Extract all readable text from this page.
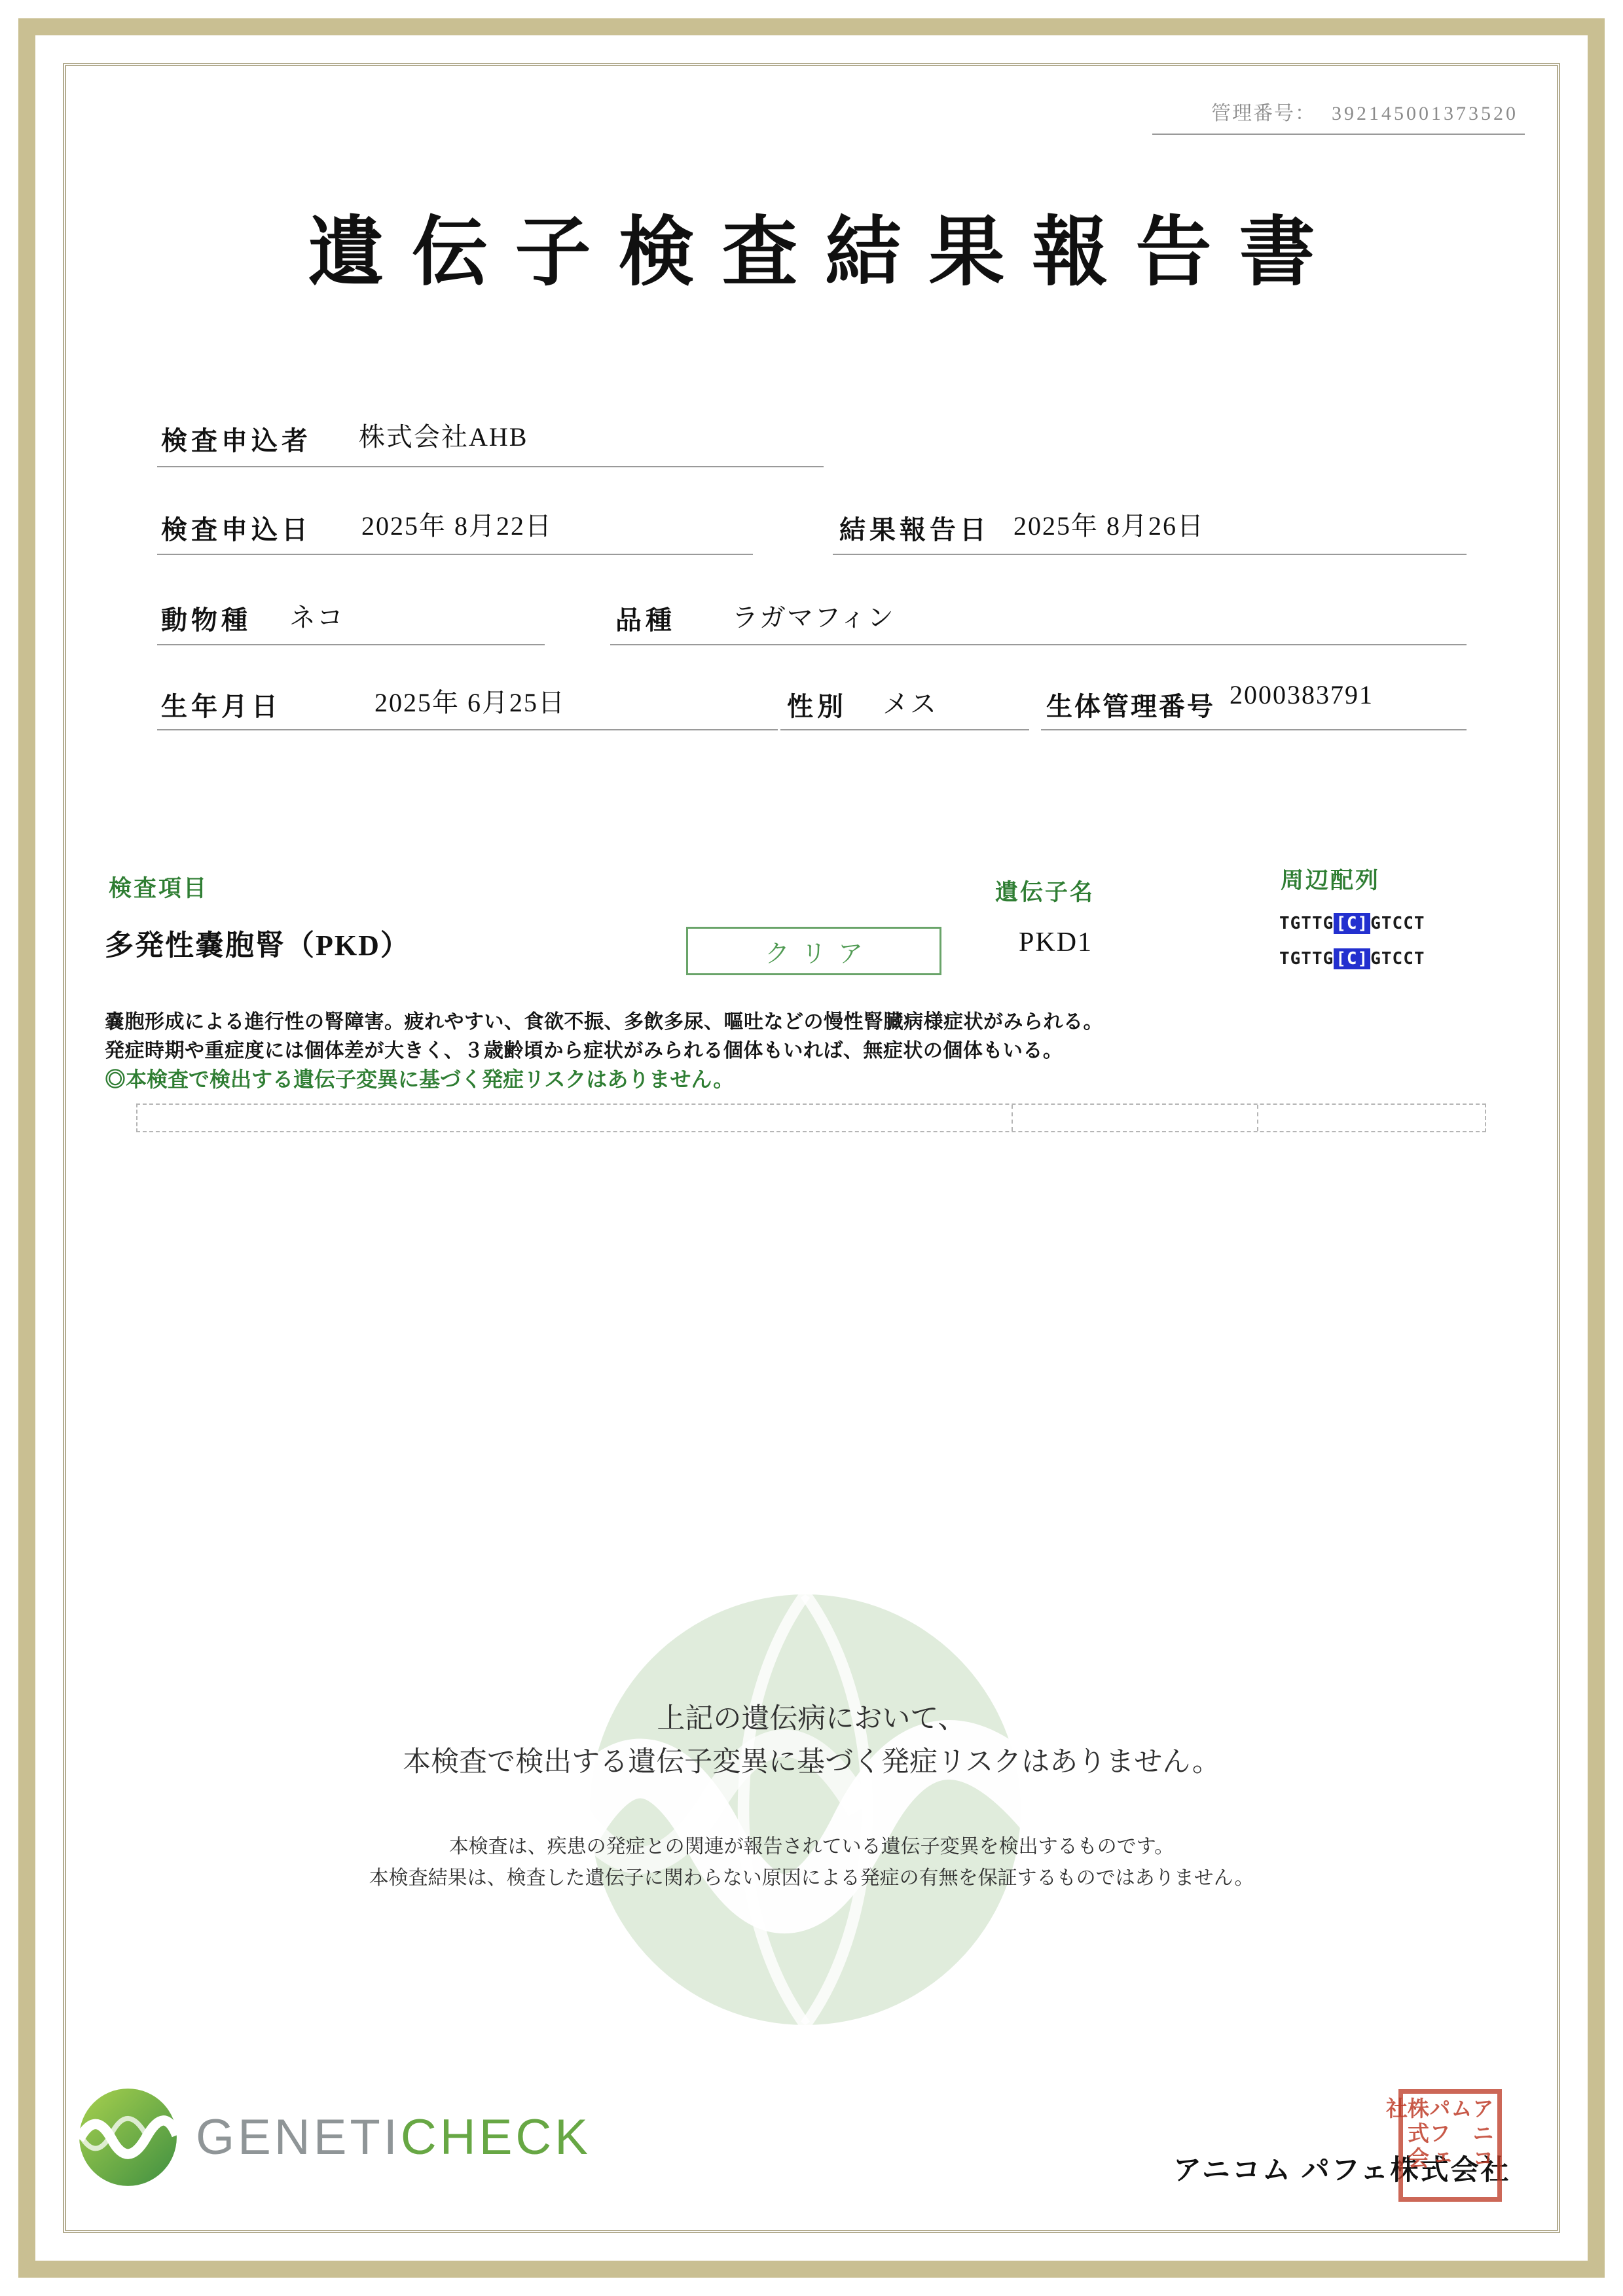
管理番号： 392145001373520
遺伝子検査結果報告書
検査申込者 株式会社AHB
検査申込日 2025年 8月22日	結果報告日 2025年 8月26日
動物種 ネコ	品種 ラガマフィン
生年月日	2025年 6月25日	性別 メス	生体管理番号 2000383791
検査項目	遺伝子名	周辺配列
多発性嚢胞腎（PKD）	クリア	PKD1
TGTTG [C] GTCCT
TGTTG [C] GTCCT
嚢胞形成による進行性の腎障害。疲れやすい、食欲不振、多飲多尿、嘔吐などの慢性腎臓病様症状がみられる。
発症時期や重症度には個体差が大きく、３歳齢頃から症状がみられる個体もいれば、無症状の個体もいる。
◎本検査で検出する遺伝子変異に基づく発症リスクはありません。
上記の遺伝病において、
本検査で検出する遺伝子変異に基づく発症リスクはありません。
本検査は、疾患の発症との関連が報告されている遺伝子変異を検出するものです。
本検査結果は、検査した遺伝子に関わらない原因による発症の有無を保証するものではありません。
GENETICHECK
アニコム パフェ株式会社
アニコム
パフェ
株式会社
